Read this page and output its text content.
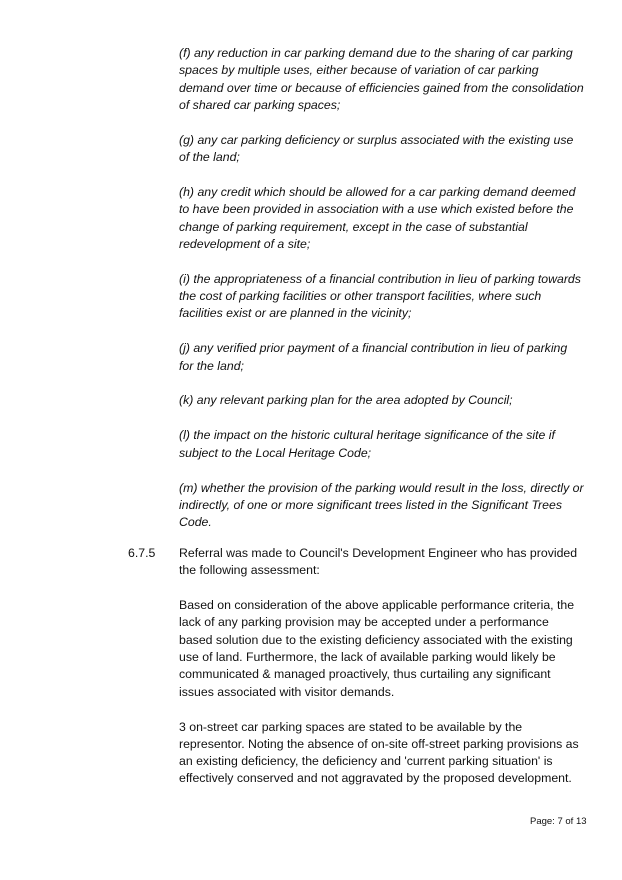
(f) any reduction in car parking demand due to the sharing of car parking spaces by multiple uses, either because of variation of car parking demand over time or because of efficiencies gained from the consolidation of shared car parking spaces;
(g) any car parking deficiency or surplus associated with the existing use of the land;
(h) any credit which should be allowed for a car parking demand deemed to have been provided in association with a use which existed before the change of parking requirement, except in the case of substantial redevelopment of a site;
(i) the appropriateness of a financial contribution in lieu of parking towards the cost of parking facilities or other transport facilities, where such facilities exist or are planned in the vicinity;
(j) any verified prior payment of a financial contribution in lieu of parking for the land;
(k) any relevant parking plan for the area adopted by Council;
(l) the impact on the historic cultural heritage significance of the site if subject to the Local Heritage Code;
(m) whether the provision of the parking would result in the loss, directly or indirectly, of one or more significant trees listed in the Significant Trees Code.
6.7.5 Referral was made to Council's Development Engineer who has provided the following assessment:

Based on consideration of the above applicable performance criteria, the lack of any parking provision may be accepted under a performance based solution due to the existing deficiency associated with the existing use of land. Furthermore, the lack of available parking would likely be communicated & managed proactively, thus curtailing any significant issues associated with visitor demands.

3 on-street car parking spaces are stated to be available by the representor. Noting the absence of on-site off-street parking provisions as an existing deficiency, the deficiency and 'current parking situation' is effectively conserved and not aggravated by the proposed development.

Page: 7 of 13
